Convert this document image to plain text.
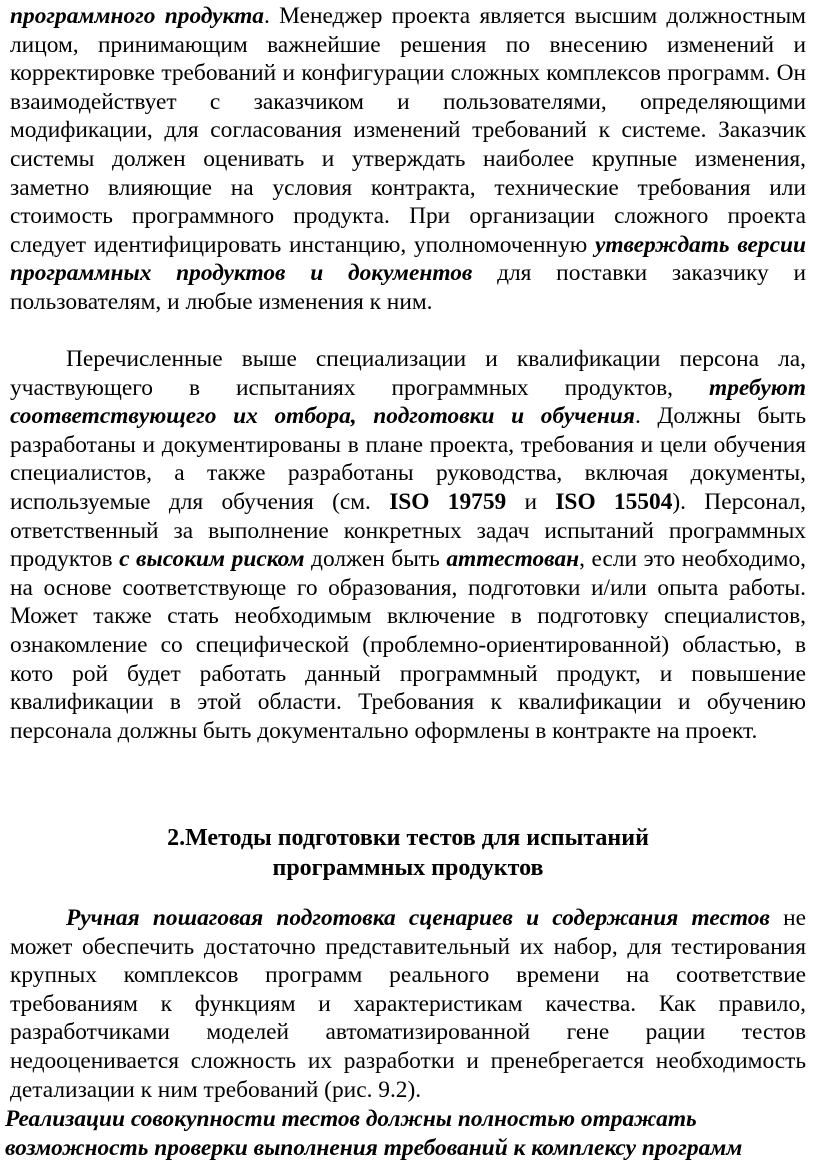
программного продукта. Менеджер проекта является высшим должностным лицом, принимающим важнейшие решения по внесению изменений и корректировке требований и конфигурации сложных комплексов программ. Он взаимодействует с заказчиком и пользователями, определяющими модификации, для согласования изменений требований к системе. Заказчик системы должен оценивать и утверждать наиболее крупные изменения, заметно влияющие на условия контракта, технические требования или стоимость программного продукта. При организации сложного проекта следует идентифицировать инстанцию, уполномоченную утверждать версии программных продуктов и документов для поставки заказчику и пользователям, и любые изменения к ним.

Перечисленные выше специализации и квалификации персона ла, участвующего в испытаниях программных продуктов, требуют соответствующего их отбора, подготовки и обучения. Должны быть разработаны и документированы в плане проекта, требования и цели обучения специалистов, а также разработаны руководства, включая документы, используемые для обучения (см. ISO 19759 и ISO 15504). Персонал, ответственный за выполнение конкретных задач испытаний программных продуктов с высоким риском должен быть аттестован, если это необходимо, на основе соответствующе го образования, подготовки и/или опыта работы. Может также стать необходимым включение в подготовку специалистов, ознакомление со специфической (проблемно-ориентированной) областью, в кото рой будет работать данный программный продукт, и повышение квалификации в этой области. Требования к квалификации и обучению персонала должны быть документально оформлены в контракте на проект.

2.Методы подготовки тестов для испытаний
программных продуктов

Ручная пошаговая подготовка сценариев и содержания тестов не может обеспечить достаточно представительный их набор, для тестирования крупных комплексов программ реального времени на соответствие требованиям к функциям и характеристикам качества. Как правило, разработчиками моделей автоматизированной гене рации тестов недооценивается сложность их разработки и пренебрегается необходимость детализации к ним требований (рис. 9.2).

Реализации совокупности тестов должны полностью отражать
возможность проверки выполнения требований к комплексу программ
